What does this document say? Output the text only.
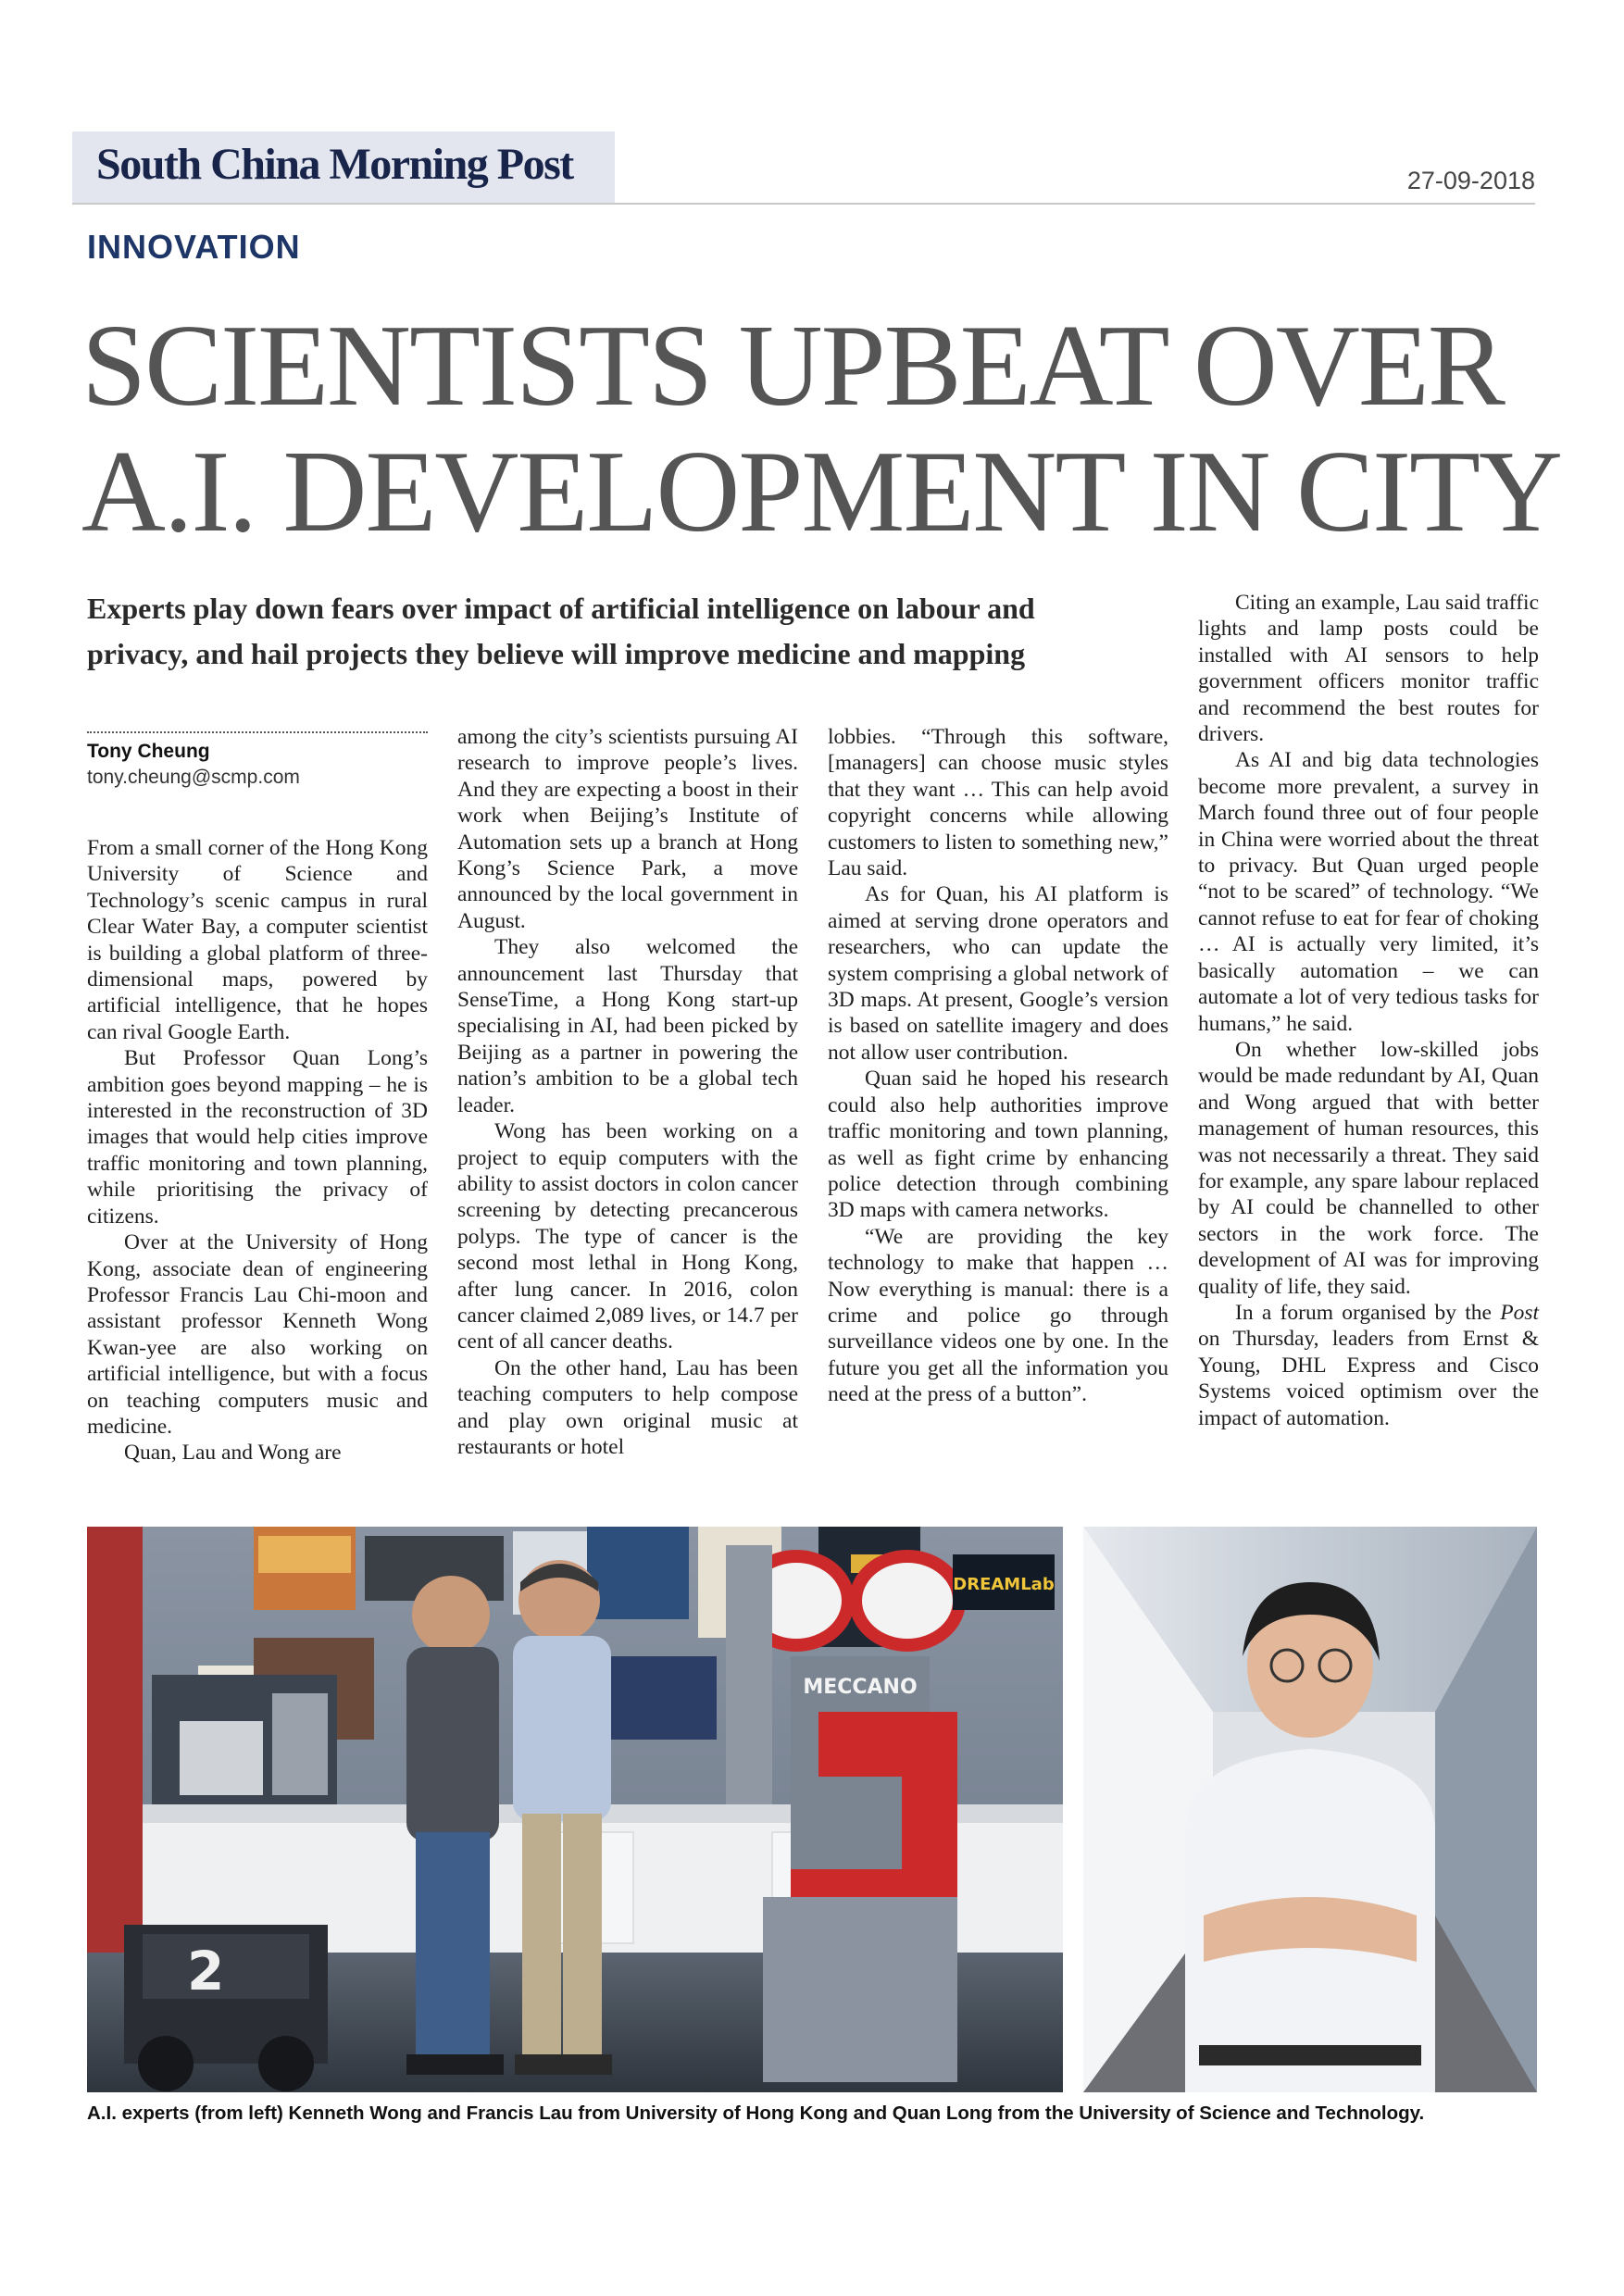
South China Morning Post	27-09-2018
INNOVATION
SCIENTISTS UPBEAT OVER
A.I. DEVELOPMENT IN CITY
Experts play down fears over impact of artificial intelligence on labour and
privacy, and hail projects they believe will improve medicine and mapping
Tony Cheung
tony.cheung@scmp.com

From a small corner of the Hong Kong University of Science and Technology’s scenic campus in rural Clear Water Bay, a computer scientist is building a global platform of three-dimensional maps, powered by artificial intelligence, that he hopes can rival Google Earth.

But Professor Quan Long’s ambition goes beyond mapping – he is interested in the reconstruction of 3D images that would help cities improve traffic monitoring and town planning, while prioritising the privacy of citizens.

Over at the University of Hong Kong, associate dean of engineering Professor Francis Lau Chi-moon and assistant professor Kenneth Wong Kwan-yee are also working on artificial intelligence, but with a focus on teaching computers music and medicine.

Quan, Lau and Wong are

among the city’s scientists pursuing AI research to improve people’s lives. And they are expecting a boost in their work when Beijing’s Institute of Automation sets up a branch at Hong Kong’s Science Park, a move announced by the local government in August.

They also welcomed the announcement last Thursday that SenseTime, a Hong Kong start-up specialising in AI, had been picked by Beijing as a partner in powering the nation’s ambition to be a global tech leader.

Wong has been working on a project to equip computers with the ability to assist doctors in colon cancer screening by detecting precancerous polyps. The type of cancer is the second most lethal in Hong Kong, after lung cancer. In 2016, colon cancer claimed 2,089 lives, or 14.7 per cent of all cancer deaths.

On the other hand, Lau has been teaching computers to help compose and play own original music at restaurants or hotel

lobbies. “Through this software, [managers] can choose music styles that they want … This can help avoid copyright concerns while allowing customers to listen to something new,” Lau said.

As for Quan, his AI platform is aimed at serving drone operators and researchers, who can update the system comprising a global network of 3D maps. At present, Google’s version is based on satellite imagery and does not allow user contribution.

Quan said he hoped his research could also help authorities improve traffic monitoring and town planning, as well as fight crime by enhancing police detection through combining 3D maps with camera networks.

“We are providing the key technology to make that happen … Now everything is manual: there is a crime and police go through surveillance videos one by one. In the future you get all the information you need at the press of a button”.

Citing an example, Lau said traffic lights and lamp posts could be installed with AI sensors to help government officers monitor traffic and recommend the best routes for drivers.

As AI and big data technologies become more prevalent, a survey in March found three out of four people in China were worried about the threat to privacy. But Quan urged people “not to be scared” of technology. “We cannot refuse to eat for fear of choking … AI is actually very limited, it’s basically automation – we can automate a lot of very tedious tasks for humans,” he said.

On whether low-skilled jobs would be made redundant by AI, Quan and Wong argued that with better management of human resources, this was not necessarily a threat. They said for example, any spare labour replaced by AI could be channelled to other sectors in the work force. The development of AI was for improving quality of life, they said.

In a forum organised by the Post on Thursday, leaders from Ernst & Young, DHL Express and Cisco Systems voiced optimism over the impact of automation.

2
MECCANO
DREAMLab
A.I. experts (from left) Kenneth Wong and Francis Lau from University of Hong Kong and Quan Long from the University of Science and Technology.
